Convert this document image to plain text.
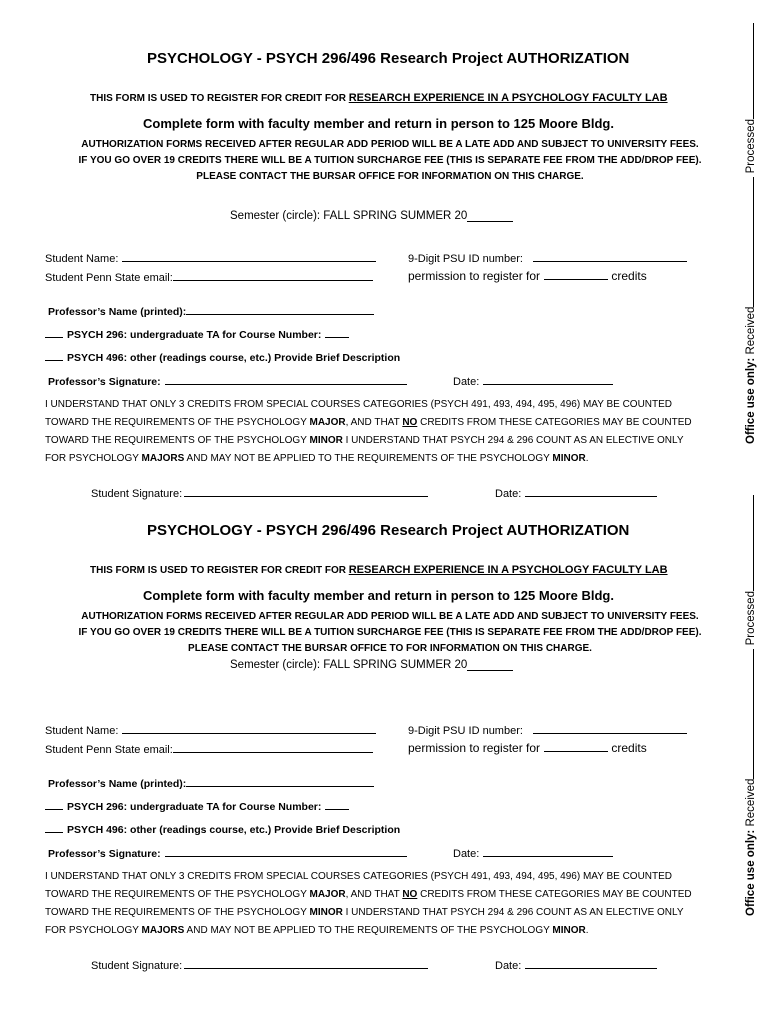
PSYCHOLOGY - PSYCH 296/496 Research Project AUTHORIZATION
THIS FORM IS USED TO REGISTER FOR CREDIT FOR RESEARCH EXPERIENCE IN A PSYCHOLOGY FACULTY LAB
Complete form with faculty member and return in person to 125 Moore Bldg.
AUTHORIZATION FORMS RECEIVED AFTER REGULAR ADD PERIOD WILL BE A LATE ADD AND SUBJECT TO UNIVERSITY FEES.
IF YOU GO OVER 19 CREDITS THERE WILL BE A TUITION SURCHARGE FEE (THIS IS SEPARATE FEE FROM THE ADD/DROP FEE).
PLEASE CONTACT THE BURSAR OFFICE FOR INFORMATION ON THIS CHARGE.
Semester (circle): FALL SPRING SUMMER 20
Student Name:	9-Digit PSU ID number:
Student Penn State email:	permission to register for	credits
Professor’s Name (printed):
PSYCH 296: undergraduate TA for Course Number:
PSYCH 496: other (readings course, etc.) Provide Brief Description
Professor’s Signature:	Date:
I UNDERSTAND THAT ONLY 3 CREDITS FROM SPECIAL COURSES CATEGORIES (PSYCH 491, 493, 494, 495, 496) MAY BE COUNTED
TOWARD THE REQUIREMENTS OF THE PSYCHOLOGY MAJOR, AND THAT NO CREDITS FROM THESE CATEGORIES MAY BE COUNTED
TOWARD THE REQUIREMENTS OF THE PSYCHOLOGY MINOR I UNDERSTAND THAT PSYCH 294 & 296 COUNT AS AN ELECTIVE ONLY
FOR PSYCHOLOGY MAJORS AND MAY NOT BE APPLIED TO THE REQUIREMENTS OF THE PSYCHOLOGY MINOR.
Student Signature:	Date:
Office use only: Received Processed
PSYCHOLOGY - PSYCH 296/496 Research Project AUTHORIZATION
THIS FORM IS USED TO REGISTER FOR CREDIT FOR RESEARCH EXPERIENCE IN A PSYCHOLOGY FACULTY LAB
Complete form with faculty member and return in person to 125 Moore Bldg.
AUTHORIZATION FORMS RECEIVED AFTER REGULAR ADD PERIOD WILL BE A LATE ADD AND SUBJECT TO UNIVERSITY FEES.
IF YOU GO OVER 19 CREDITS THERE WILL BE A TUITION SURCHARGE FEE (THIS IS SEPARATE FEE FROM THE ADD/DROP FEE).
PLEASE CONTACT THE BURSAR OFFICE TO FOR INFORMATION ON THIS CHARGE.
Semester (circle): FALL SPRING SUMMER 20
Student Name:	9-Digit PSU ID number:
Student Penn State email:	permission to register for	credits
Professor’s Name (printed):
PSYCH 296: undergraduate TA for Course Number:
PSYCH 496: other (readings course, etc.) Provide Brief Description
Professor’s Signature:	Date:
I UNDERSTAND THAT ONLY 3 CREDITS FROM SPECIAL COURSES CATEGORIES (PSYCH 491, 493, 494, 495, 496) MAY BE COUNTED
TOWARD THE REQUIREMENTS OF THE PSYCHOLOGY MAJOR, AND THAT NO CREDITS FROM THESE CATEGORIES MAY BE COUNTED
TOWARD THE REQUIREMENTS OF THE PSYCHOLOGY MINOR I UNDERSTAND THAT PSYCH 294 & 296 COUNT AS AN ELECTIVE ONLY
FOR PSYCHOLOGY MAJORS AND MAY NOT BE APPLIED TO THE REQUIREMENTS OF THE PSYCHOLOGY MINOR.
Student Signature:	Date:
Office use only: Received Processed
